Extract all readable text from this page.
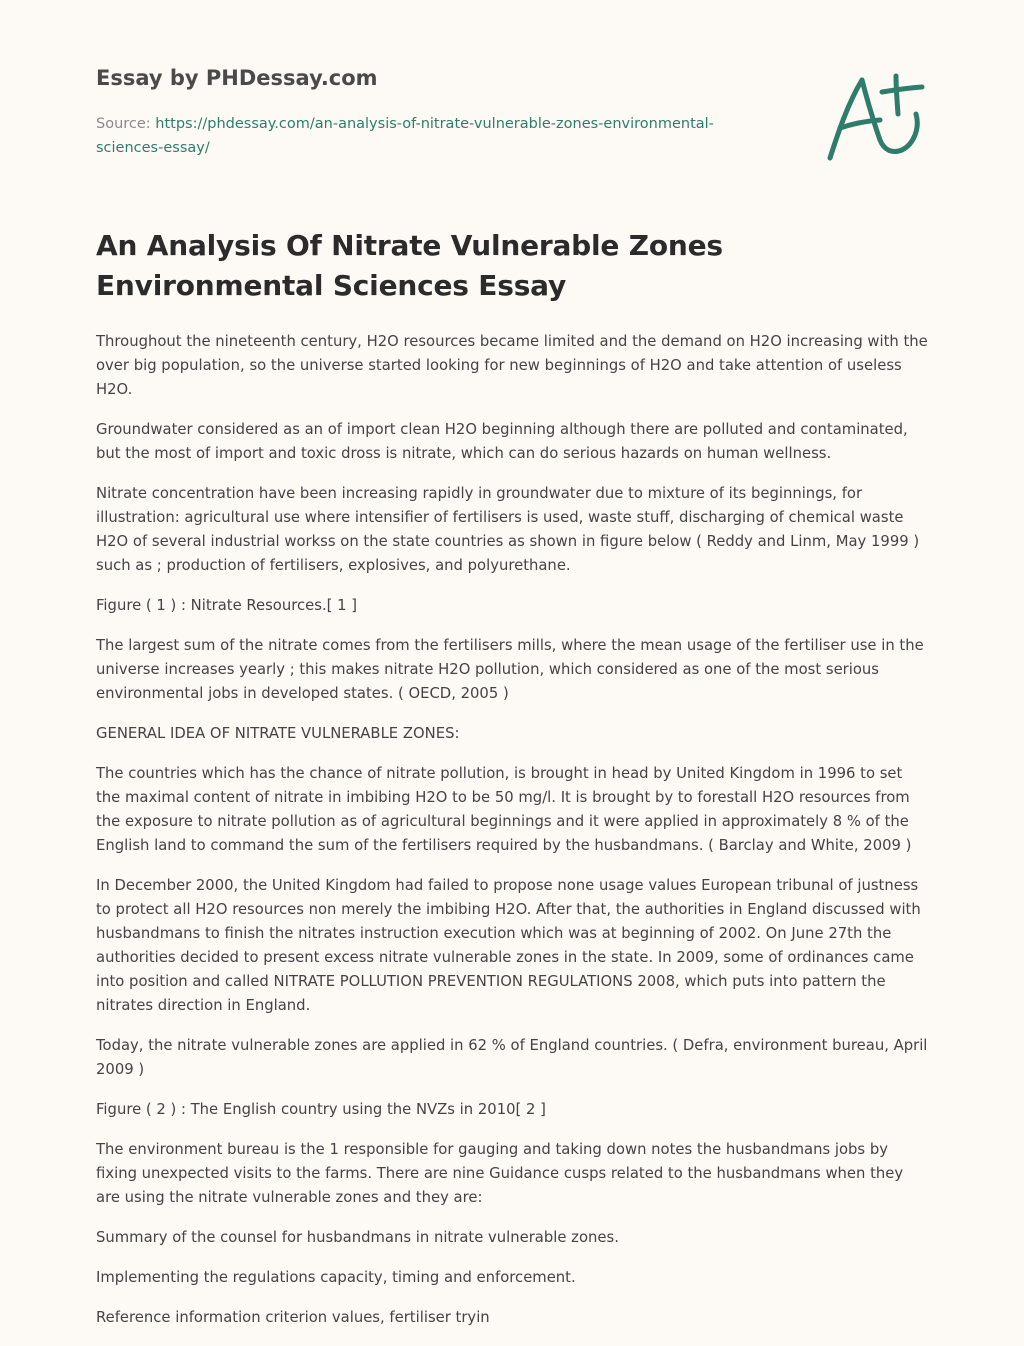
Essay by PHDessay.com
Source: https://phdessay.com/an-analysis-of-nitrate-vulnerable-zones-environmental-sciences-essay/
An Analysis Of Nitrate Vulnerable Zones Environmental Sciences Essay

Throughout the nineteenth century, H2O resources became limited and the demand on H2O increasing with the over big population, so the universe started looking for new beginnings of H2O and take attention of useless H2O.

Groundwater considered as an of import clean H2O beginning although there are polluted and contaminated, but the most of import and toxic dross is nitrate, which can do serious hazards on human wellness.

Nitrate concentration have been increasing rapidly in groundwater due to mixture of its beginnings, for illustration: agricultural use where intensifier of fertilisers is used, waste stuff, discharging of chemical waste H2O of several industrial workss on the state countries as shown in figure below ( Reddy and Linm, May 1999 ) such as ; production of fertilisers, explosives, and polyurethane.

Figure ( 1 ) : Nitrate Resources.[ 1 ]

The largest sum of the nitrate comes from the fertilisers mills, where the mean usage of the fertiliser use in the universe increases yearly ; this makes nitrate H2O pollution, which considered as one of the most serious environmental jobs in developed states. ( OECD, 2005 )

GENERAL IDEA OF NITRATE VULNERABLE ZONES:

The countries which has the chance of nitrate pollution, is brought in head by United Kingdom in 1996 to set the maximal content of nitrate in imbibing H2O to be 50 mg/l. It is brought by to forestall H2O resources from the exposure to nitrate pollution as of agricultural beginnings and it were applied in approximately 8 % of the English land to command the sum of the fertilisers required by the husbandmans. ( Barclay and White, 2009 )

In December 2000, the United Kingdom had failed to propose none usage values European tribunal of justness to protect all H2O resources non merely the imbibing H2O. After that, the authorities in England discussed with husbandmans to finish the nitrates instruction execution which was at beginning of 2002. On June 27th the authorities decided to present excess nitrate vulnerable zones in the state. In 2009, some of ordinances came into position and called NITRATE POLLUTION PREVENTION REGULATIONS 2008, which puts into pattern the nitrates direction in England.

Today, the nitrate vulnerable zones are applied in 62 % of England countries. ( Defra, environment bureau, April 2009 )

Figure ( 2 ) : The English country using the NVZs in 2010[ 2 ]

The environment bureau is the 1 responsible for gauging and taking down notes the husbandmans jobs by fixing unexpected visits to the farms. There are nine Guidance cusps related to the husbandmans when they are using the nitrate vulnerable zones and they are:

Summary of the counsel for husbandmans in nitrate vulnerable zones.

Implementing the regulations capacity, timing and enforcement.

Reference information criterion values, fertiliser tryin
